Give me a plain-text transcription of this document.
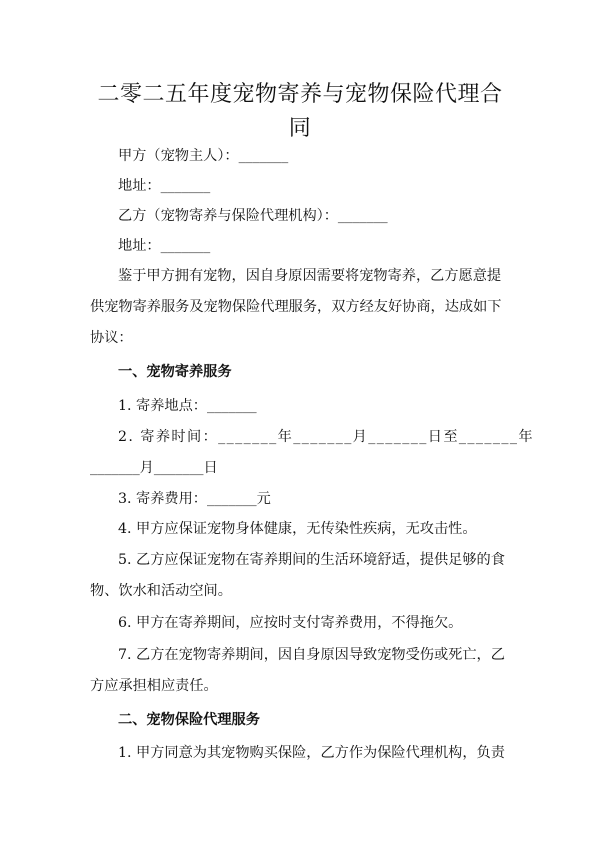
二零二五年度宠物寄养与宠物保险代理合
同
甲方（宠物主人）：_______
地址：_______
乙方（宠物寄养与保险代理机构）：_______
地址：_______
鉴于甲方拥有宠物，因自身原因需要将宠物寄养，乙方愿意提
供宠物寄养服务及宠物保险代理服务，双方经友好协商，达成如下
协议：
一、宠物寄养服务
1. 寄养地点：_______
2. 寄养时间：_______年_______月_______日至_______年
_______月_______日
3. 寄养费用：_______元
4. 甲方应保证宠物身体健康，无传染性疾病，无攻击性。
5. 乙方应保证宠物在寄养期间的生活环境舒适，提供足够的食
物、饮水和活动空间。
6. 甲方在寄养期间，应按时支付寄养费用，不得拖欠。
7. 乙方在宠物寄养期间，因自身原因导致宠物受伤或死亡，乙
方应承担相应责任。
二、宠物保险代理服务
1. 甲方同意为其宠物购买保险，乙方作为保险代理机构，负责
